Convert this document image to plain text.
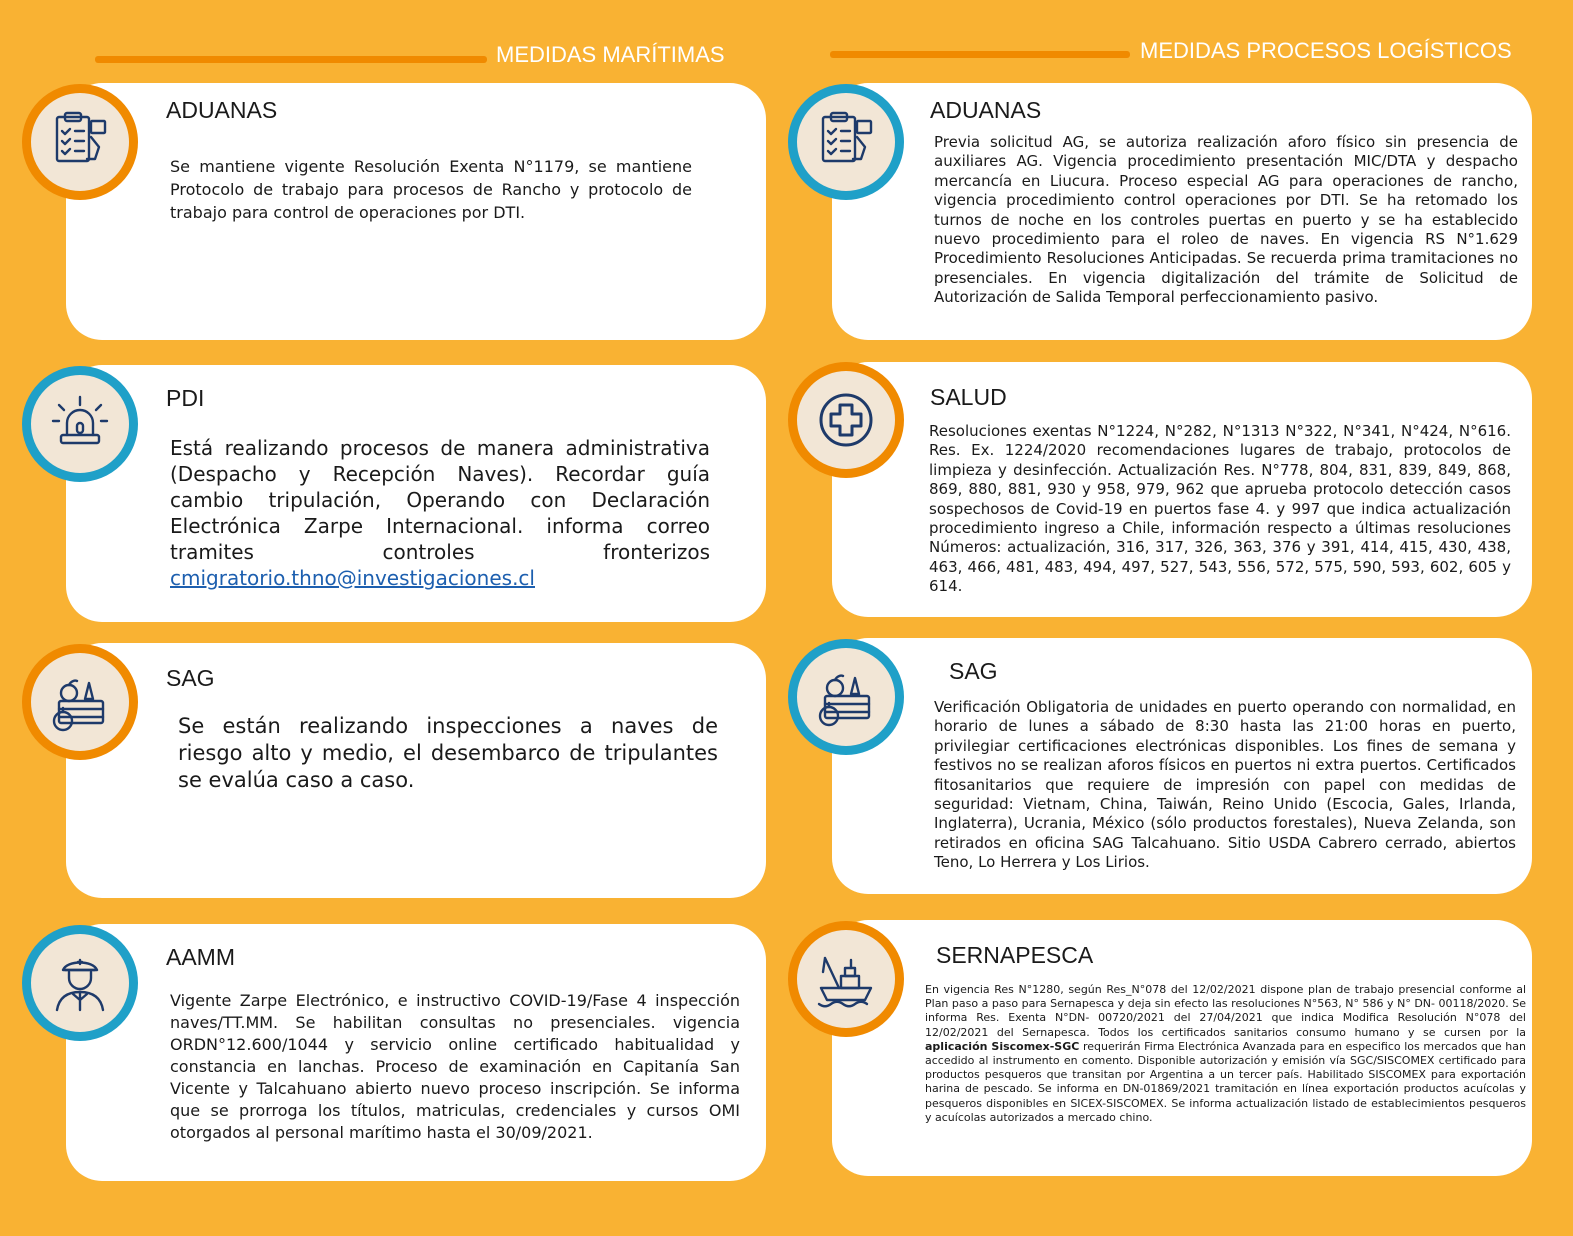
MEDIDAS MARÍTIMAS	MEDIDAS PROCESOS LOGÍSTICOS
ADUANAS

Se mantiene vigente Resolución Exenta N°1179, se mantiene Protocolo de trabajo para procesos de Rancho y protocolo de trabajo para control de operaciones por DTI.

PDI

Está realizando procesos de manera administrativa (Despacho y Recepción Naves). Recordar guía cambio tripulación, Operando con Declaración Electrónica Zarpe Internacional. informa correo tramites controles fronterizos cmigratorio.thno@investigaciones.cl

SAG

Se están realizando inspecciones a naves de riesgo alto y medio, el desembarco de tripulantes se evalúa caso a caso.

AAMM

Vigente Zarpe Electrónico, e instructivo COVID-19/Fase 4 inspección naves/TT.MM. Se habilitan consultas no presenciales. vigencia ORDN°12.600/1044 y servicio online certificado habitualidad y constancia en lanchas. Proceso de examinación en Capitanía San Vicente y Talcahuano abierto nuevo proceso inscripción. Se informa que se prorroga los títulos, matriculas, credenciales y cursos OMI otorgados al personal marítimo hasta el 30/09/2021.

ADUANAS

Previa solicitud AG, se autoriza realización aforo físico sin presencia de auxiliares AG. Vigencia procedimiento presentación MIC/DTA y despacho mercancía en Liucura. Proceso especial AG para operaciones de rancho, vigencia procedimiento control operaciones por DTI. Se ha retomado los turnos de noche en los controles puertas en puerto y se ha establecido nuevo procedimiento para el roleo de naves. En vigencia RS N°1.629 Procedimiento Resoluciones Anticipadas. Se recuerda prima tramitaciones no presenciales. En vigencia digitalización del trámite de Solicitud de Autorización de Salida Temporal perfeccionamiento pasivo.

SALUD

Resoluciones exentas N°1224, N°282, N°1313 N°322, N°341, N°424, N°616. Res. Ex. 1224/2020 recomendaciones lugares de trabajo, protocolos de limpieza y desinfección. Actualización Res. N°778, 804, 831, 839, 849, 868, 869, 880, 881, 930 y 958, 979, 962 que aprueba protocolo detección casos sospechosos de Covid-19 en puertos fase 4. y 997 que indica actualización procedimiento ingreso a Chile, información respecto a últimas resoluciones Números: actualización, 316, 317, 326, 363, 376 y 391, 414, 415, 430, 438, 463, 466, 481, 483, 494, 497, 527, 543, 556, 572, 575, 590, 593, 602, 605 y 614.

SAG

Verificación Obligatoria de unidades en puerto operando con normalidad, en horario de lunes a sábado de 8:30 hasta las 21:00 horas en puerto, privilegiar certificaciones electrónicas disponibles. Los fines de semana y festivos no se realizan aforos físicos en puertos ni extra puertos. Certificados fitosanitarios que requiere de impresión con papel con medidas de seguridad: Vietnam, China, Taiwán, Reino Unido (Escocia, Gales, Irlanda, Inglaterra), Ucrania, México (sólo productos forestales), Nueva Zelanda, son retirados en oficina SAG Talcahuano. Sitio USDA Cabrero cerrado, abiertos Teno, Lo Herrera y Los Lirios.

SERNAPESCA

En vigencia Res N°1280, según Res_N°078 del 12/02/2021 dispone plan de trabajo presencial conforme al Plan paso a paso para Sernapesca y deja sin efecto las resoluciones N°563, N° 586 y N° DN- 00118/2020. Se informa Res. Exenta N°DN- 00720/2021 del 27/04/2021 que indica Modifica Resolución N°078 del 12/02/2021 del Sernapesca. Todos los certificados sanitarios consumo humano y se cursen por la aplicación Siscomex-SGC requerirán Firma Electrónica Avanzada para en especifico los mercados que han accedido al instrumento en comento. Disponible autorización y emisión vía SGC/SISCOMEX certificado para productos pesqueros que transitan por Argentina a un tercer país. Habilitado SISCOMEX para exportación harina de pescado. Se informa en DN-01869/2021 tramitación en línea exportación productos acuícolas y pesqueros disponibles en SICEX-SISCOMEX. Se informa actualización listado de establecimientos pesqueros y acuícolas autorizados a mercado chino.
